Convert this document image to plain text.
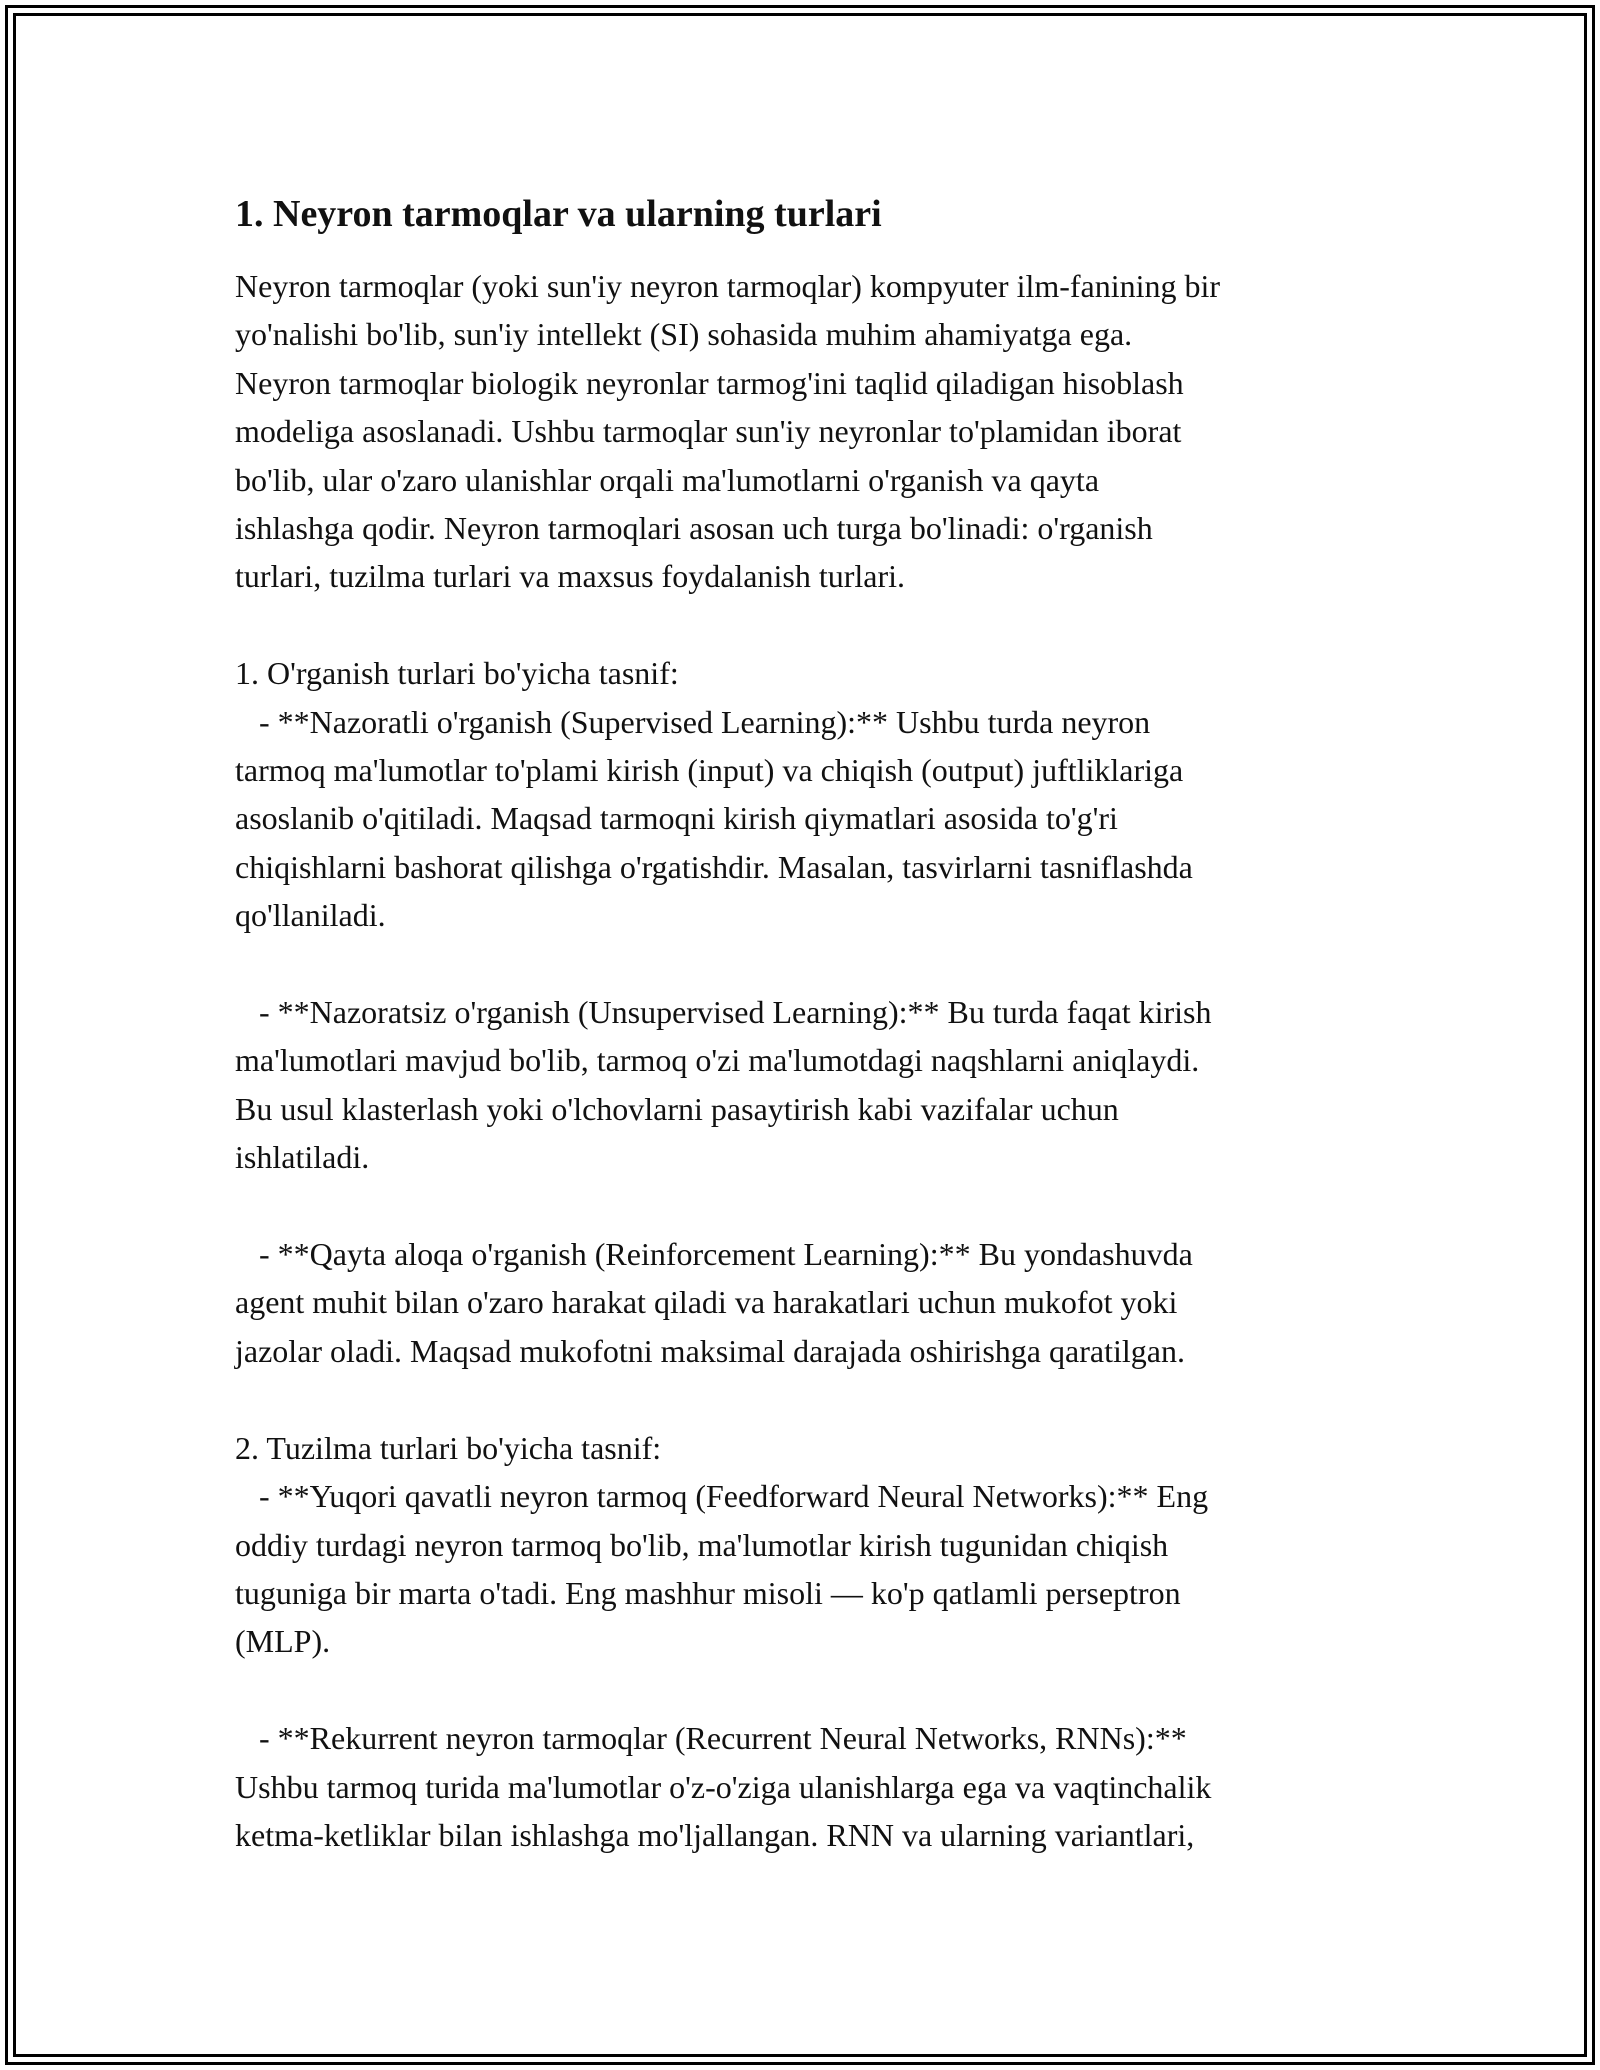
1. Neyron tarmoqlar va ularning turlari
Neyron tarmoqlar (yoki sun'iy neyron tarmoqlar) kompyuter ilm-fanining bir
yo'nalishi bo'lib, sun'iy intellekt (SI) sohasida muhim ahamiyatga ega.
Neyron tarmoqlar biologik neyronlar tarmog'ini taqlid qiladigan hisoblash
modeliga asoslanadi. Ushbu tarmoqlar sun'iy neyronlar to'plamidan iborat
bo'lib, ular o'zaro ulanishlar orqali ma'lumotlarni o'rganish va qayta
ishlashga qodir. Neyron tarmoqlari asosan uch turga bo'linadi: o'rganish
turlari, tuzilma turlari va maxsus foydalanish turlari.
1. O'rganish turlari bo'yicha tasnif:
- **Nazoratli o'rganish (Supervised Learning):** Ushbu turda neyron
tarmoq ma'lumotlar to'plami kirish (input) va chiqish (output) juftliklariga
asoslanib o'qitiladi. Maqsad tarmoqni kirish qiymatlari asosida to'g'ri
chiqishlarni bashorat qilishga o'rgatishdir. Masalan, tasvirlarni tasniflashda
qo'llaniladi.
- **Nazoratsiz o'rganish (Unsupervised Learning):** Bu turda faqat kirish
ma'lumotlari mavjud bo'lib, tarmoq o'zi ma'lumotdagi naqshlarni aniqlaydi.
Bu usul klasterlash yoki o'lchovlarni pasaytirish kabi vazifalar uchun
ishlatiladi.
- **Qayta aloqa o'rganish (Reinforcement Learning):** Bu yondashuvda
agent muhit bilan o'zaro harakat qiladi va harakatlari uchun mukofot yoki
jazolar oladi. Maqsad mukofotni maksimal darajada oshirishga qaratilgan.
2. Tuzilma turlari bo'yicha tasnif:
- **Yuqori qavatli neyron tarmoq (Feedforward Neural Networks):** Eng
oddiy turdagi neyron tarmoq bo'lib, ma'lumotlar kirish tugunidan chiqish
tuguniga bir marta o'tadi. Eng mashhur misoli — ko'p qatlamli perseptron
(MLP).
- **Rekurrent neyron tarmoqlar (Recurrent Neural Networks, RNNs):**
Ushbu tarmoq turida ma'lumotlar o'z-o'ziga ulanishlarga ega va vaqtinchalik
ketma-ketliklar bilan ishlashga mo'ljallangan. RNN va ularning variantlari,
